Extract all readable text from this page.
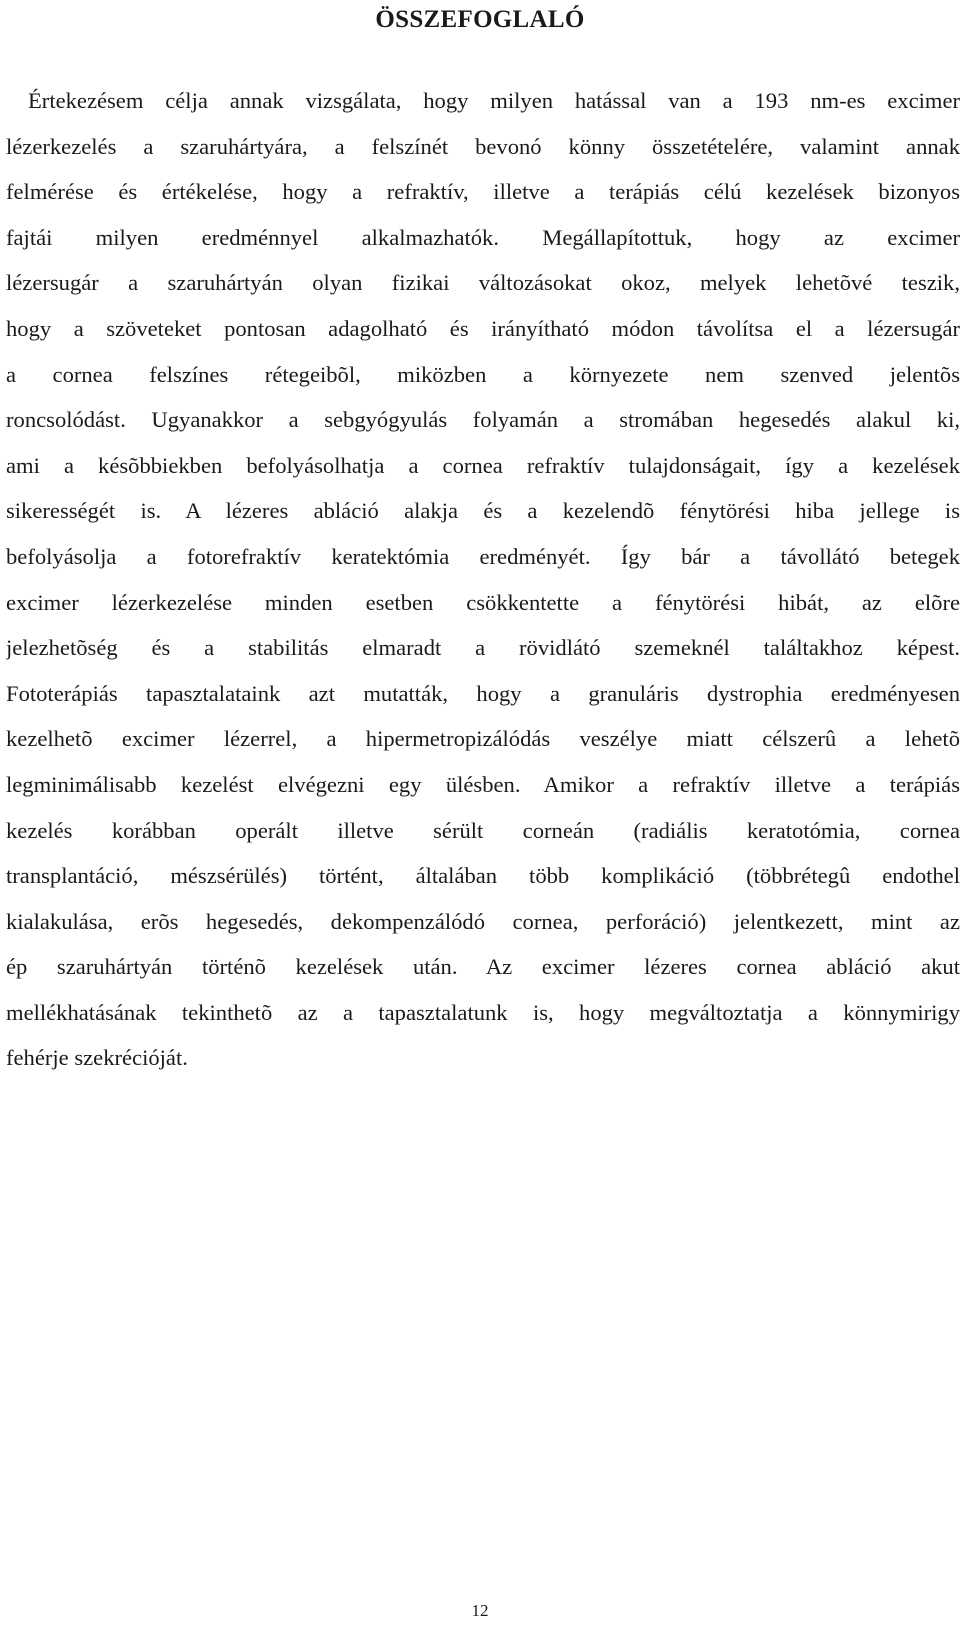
ÖSSZEFOGLALÓ
Értekezésem célja annak vizsgálata, hogy milyen hatással van a 193 nm-es excimer
lézerkezelés a szaruhártyára, a felszínét bevonó könny összetételére, valamint annak
felmérése és értékelése, hogy a refraktív, illetve a terápiás célú kezelések bizonyos
fajtái milyen eredménnyel alkalmazhatók. Megállapítottuk, hogy az excimer
lézersugár a szaruhártyán olyan fizikai változásokat okoz, melyek lehetõvé teszik,
hogy a szöveteket pontosan adagolható és irányítható módon távolítsa el a lézersugár
a cornea felszínes rétegeibõl, miközben a környezete nem szenved jelentõs
roncsolódást. Ugyanakkor a sebgyógyulás folyamán a stromában hegesedés alakul ki,
ami a késõbbiekben befolyásolhatja a cornea refraktív tulajdonságait, így a kezelések
sikerességét is. A lézeres abláció alakja és a kezelendõ fénytörési hiba jellege is
befolyásolja a fotorefraktív keratektómia eredményét. Így bár a távollátó betegek
excimer lézerkezelése minden esetben csökkentette a fénytörési hibát, az elõre
jelezhetõség és a stabilitás elmaradt a rövidlátó szemeknél találtakhoz képest.
Fototerápiás tapasztalataink azt mutatták, hogy a granuláris dystrophia eredményesen
kezelhetõ excimer lézerrel, a hipermetropizálódás veszélye miatt célszerû a lehetõ
legminimálisabb kezelést elvégezni egy ülésben. Amikor a refraktív illetve a terápiás
kezelés korábban operált illetve sérült corneán (radiális keratotómia, cornea
transplantáció, mészsérülés) történt, általában több komplikáció (többrétegû endothel
kialakulása, erõs hegesedés, dekompenzálódó cornea, perforáció) jelentkezett, mint az
ép szaruhártyán történõ kezelések után. Az excimer lézeres cornea abláció akut
mellékhatásának tekinthetõ az a tapasztalatunk is, hogy megváltoztatja a könnymirigy
fehérje szekrécióját.
12
